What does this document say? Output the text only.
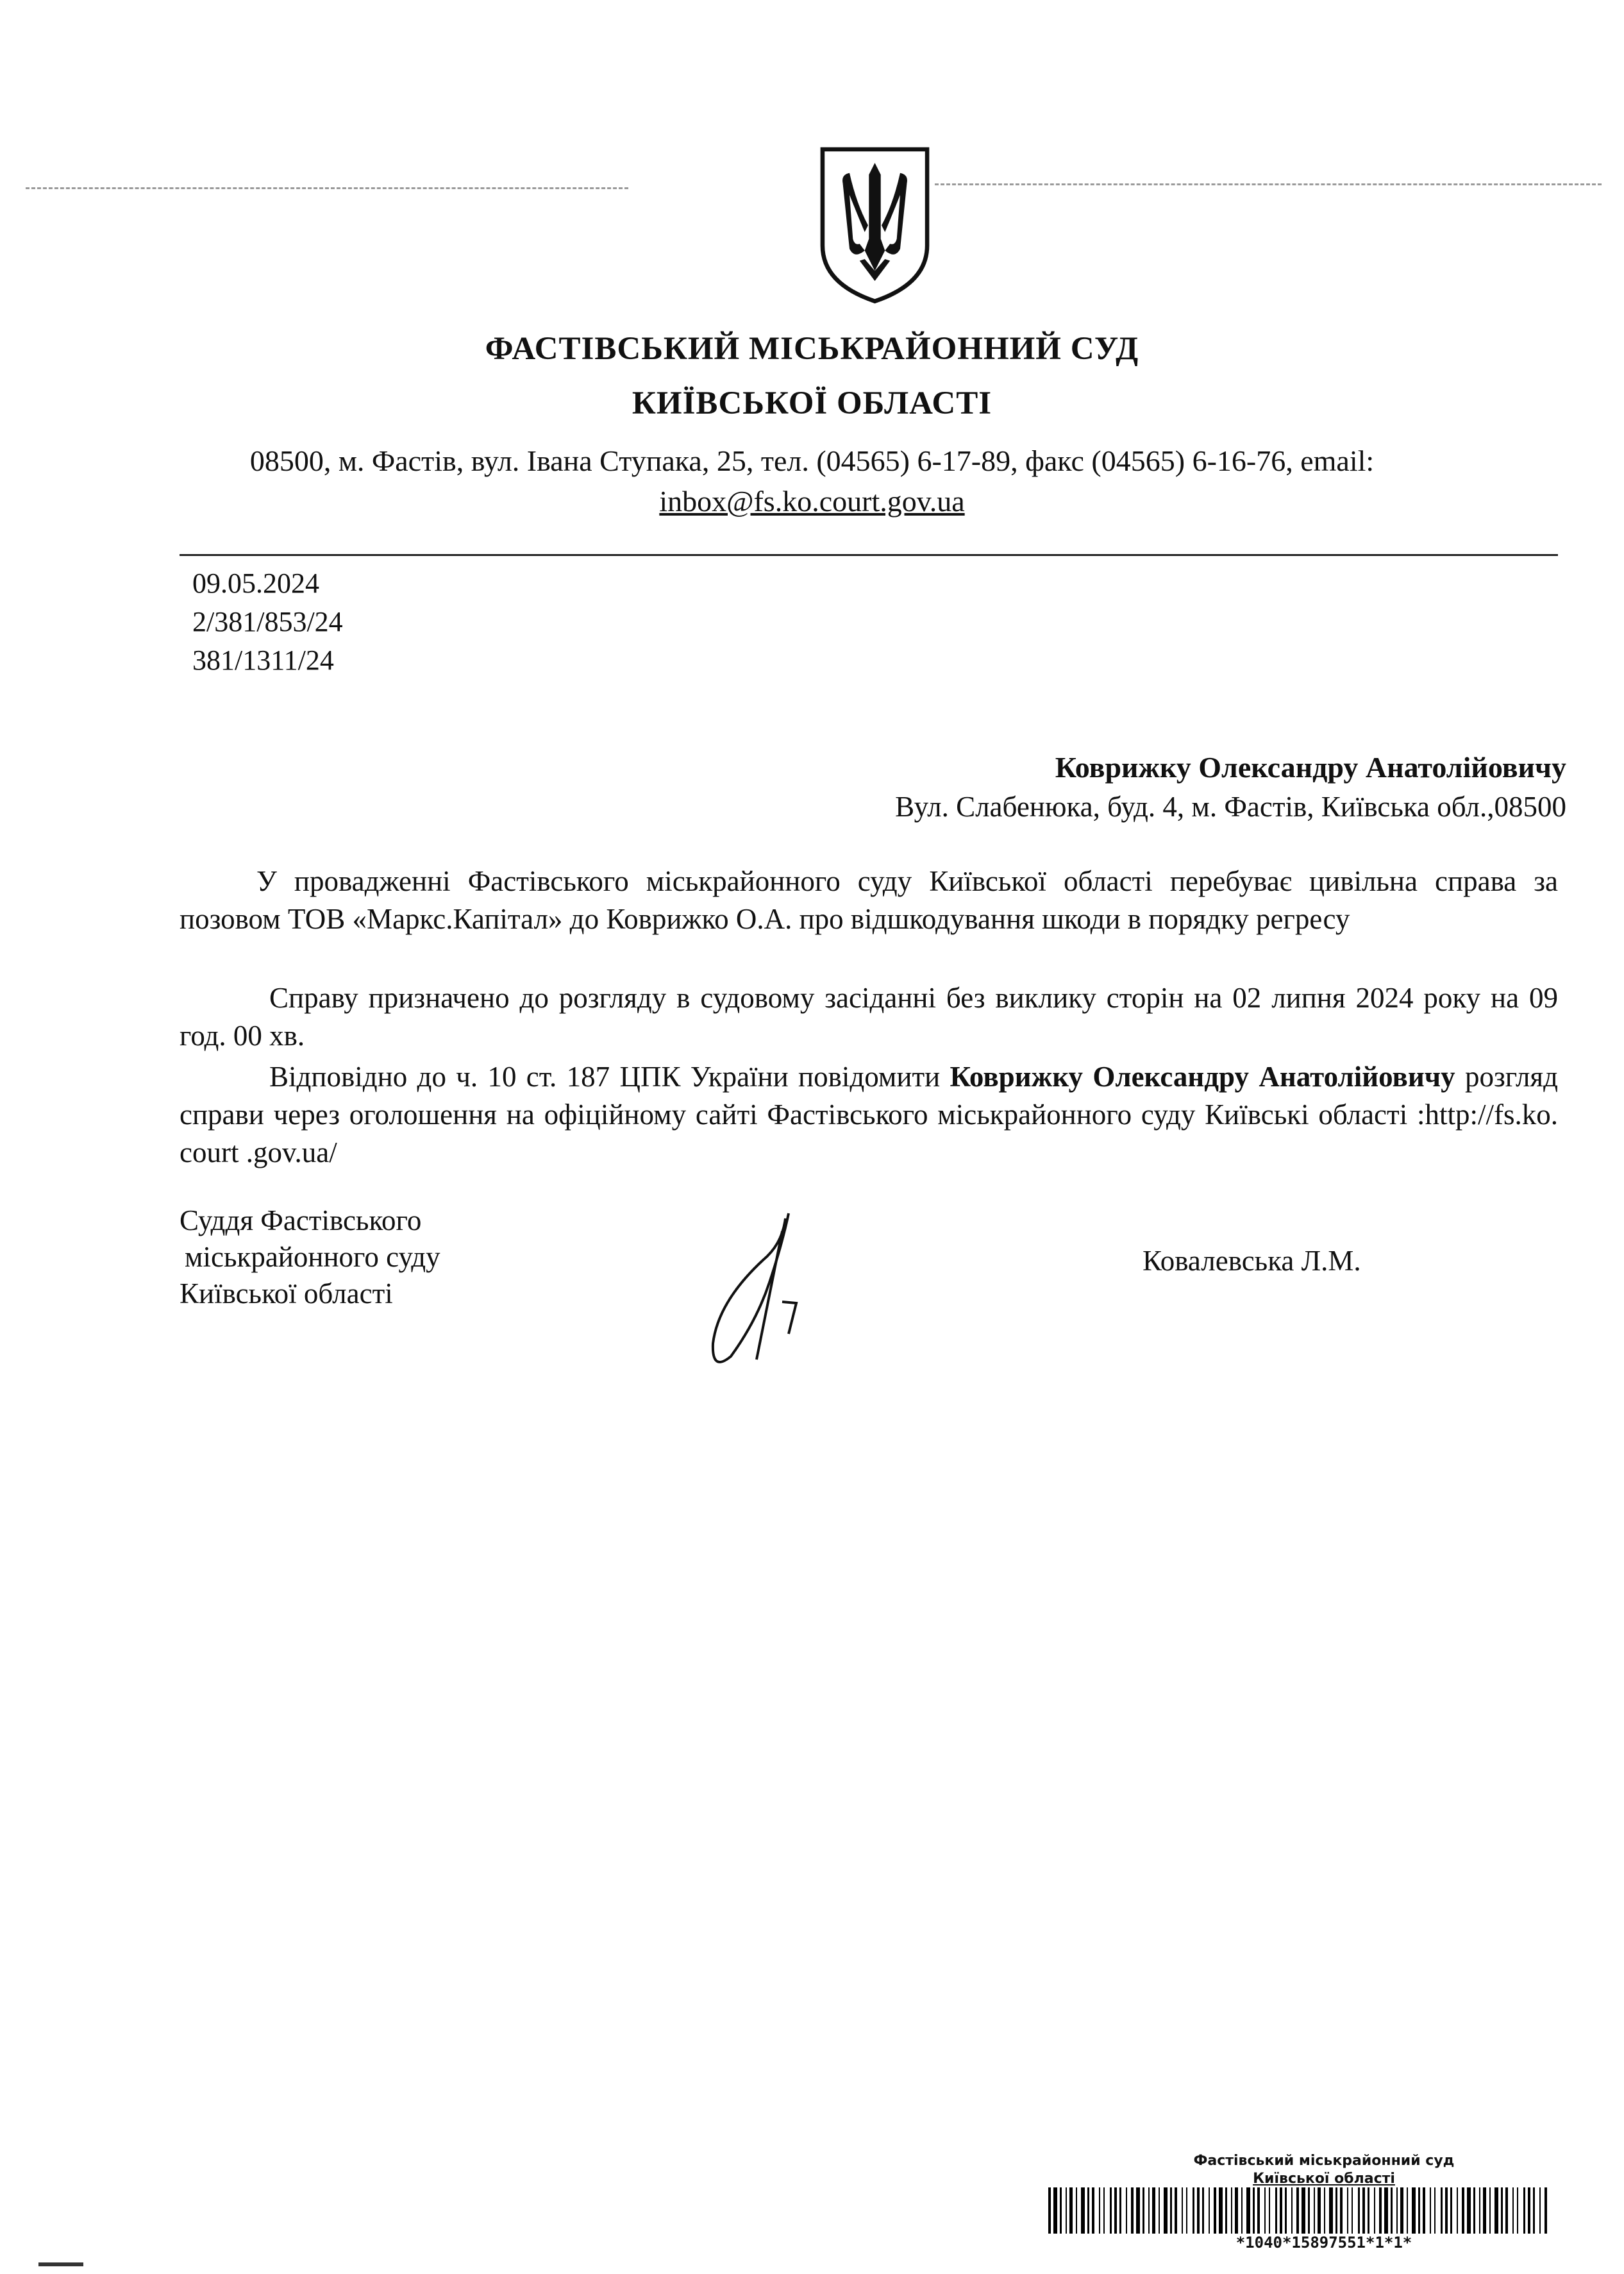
ФАСТІВСЬКИЙ МІСЬКРАЙОННИЙ СУД
КИЇВСЬКОЇ ОБЛАСТІ
08500, м. Фастів, вул. Івана Ступака, 25, тел. (04565) 6-17-89, факс (04565) 6-16-76, email:
inbox@fs.ko.court.gov.ua
09.05.2024
2/381/853/24
381/1311/24
Коврижку Олександру Анатолійовичу
Вул. Слабенюка, буд. 4, м. Фастів, Київська обл.,08500
У провадженні Фастівського міськрайонного суду Київської області перебуває цивільна справа за позовом ТОВ «Маркс.Капітал» до Коврижко О.А. про відшкодування шкоди в порядку регресу
Справу призначено до розгляду в судовому засіданні без виклику сторін на 02 липня 2024 року на 09 год. 00 хв.
Відповідно до ч. 10 ст. 187 ЦПК України повідомити Коврижку Олександру Анатолійовичу розгляд справи через оголошення на офіційному сайті Фастівського міськрайонного суду Київські області :http://fs.ko. court .gov.ua/
Суддя Фастівського
міськрайонного суду
Київської області
Ковалевська Л.М.
Фастівський міськрайонний суд
Київської області
*1040*15897551*1*1*
